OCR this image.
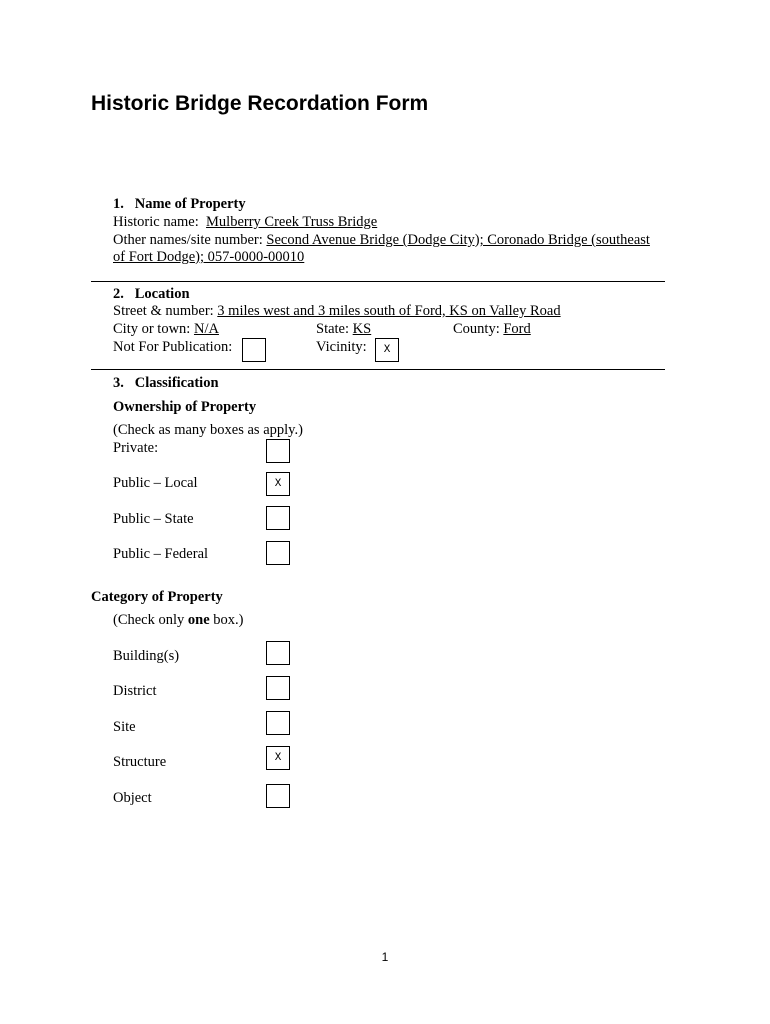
Historic Bridge Recordation Form
1. Name of Property
Historic name: Mulberry Creek Truss Bridge
Other names/site number: Second Avenue Bridge (Dodge City); Coronado Bridge (southeast
of Fort Dodge); 057-0000-00010
2. Location
Street & number: 3 miles west and 3 miles south of Ford, KS on Valley Road
City or town: N/A	State: KS	County: Ford
Not For Publication:	Vicinity:	X
3. Classification
Ownership of Property
(Check as many boxes as apply.)
Private:
Public – Local	X
Public – State
Public – Federal
Category of Property
(Check only one box.)
Building(s)
District
Site
Structure	X
Object
1
